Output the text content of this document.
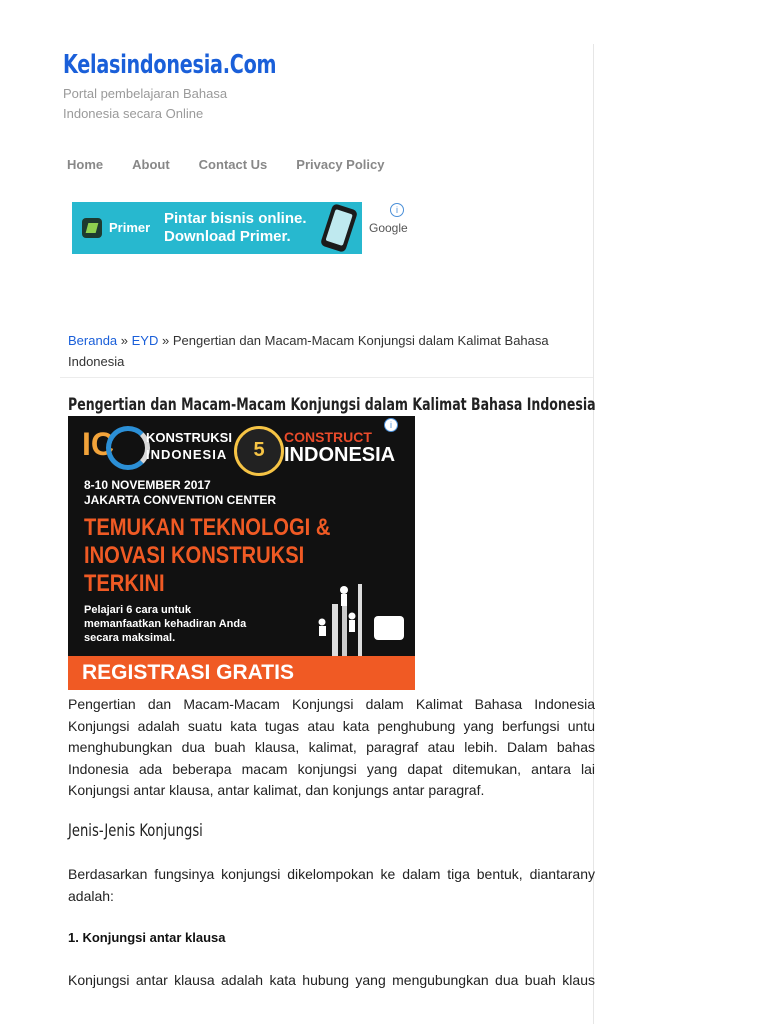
Kelasindonesia.Com
Portal pembelajaran Bahasa Indonesia secara Online
Home About Contact Us Privacy Policy
Primer
Pintar bisnis online.
Download Primer.
i
Google
Beranda » EYD » Pengertian dan Macam-Macam Konjungsi dalam Kalimat Bahasa Indonesia
Pengertian dan Macam-Macam Konjungsi dalam Kalimat Bahasa Indonesia
IC KONSTRUKSI
INDONESIA	5
CONSTRUCT
INDONESIA
i
8-10 NOVEMBER 2017
JAKARTA CONVENTION CENTER
TEMUKAN TEKNOLOGI &
INOVASI KONSTRUKSI
TERKINI
Pelajari 6 cara untuk
memanfaatkan kehadiran Anda
secara maksimal.
REGISTRASI GRATIS
Pengertian dan Macam-Macam Konjungsi dalam Kalimat Bahasa Indonesia
Konjungsi adalah suatu kata tugas atau kata penghubung yang berfungsi untu
menghubungkan dua buah klausa, kalimat, paragraf atau lebih. Dalam bahas
Indonesia ada beberapa macam konjungsi yang dapat ditemukan, antara lai
Konjungsi antar klausa, antar kalimat, dan konjungs antar paragraf.
Jenis-Jenis Konjungsi
Berdasarkan fungsinya konjungsi dikelompokan ke dalam tiga bentuk, diantarany
adalah:
1. Konjungsi antar klausa
Konjungsi antar klausa adalah kata hubung yang mengubungkan dua buah klaus
